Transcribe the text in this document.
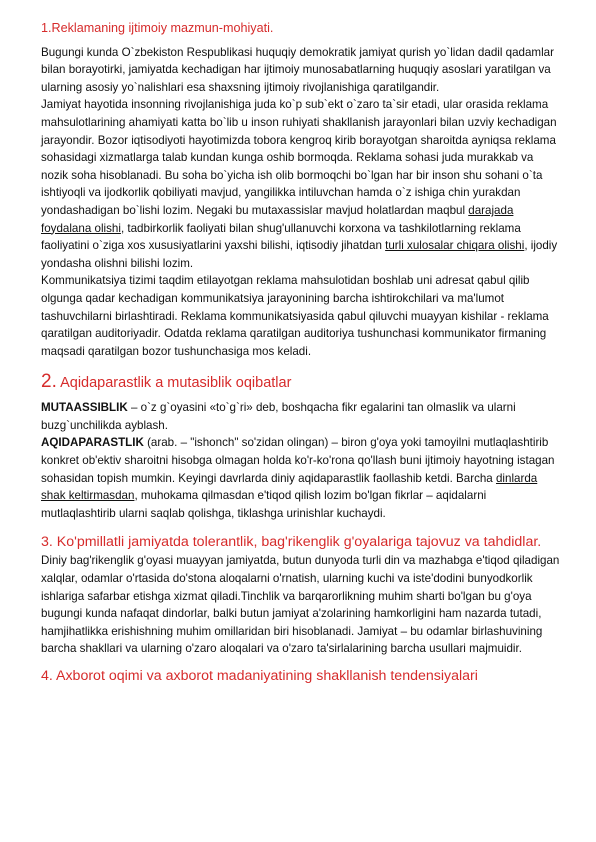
1.Reklamaning ijtimoiy mazmun-mohiyati.

Bugungi kunda O`zbekiston Respublikasi huquqiy demokratik jamiyat qurish yo`lidan dadil qadamlar bilan borayotirki, jamiyatda kechadigan har ijtimoiy munosabatlarning huquqiy asoslari yaratilgan va ularning asosiy yo`nalishlari esa shaxsning ijtimoiy rivojlanishiga qaratilgandir.

Jamiyat hayotida insonning rivojlanishiga juda ko`p sub`ekt o`zaro ta`sir etadi, ular orasida reklama mahsulotlarining ahamiyati katta bo`lib u inson ruhiyati shakllanish jarayonlari bilan uzviy kechadigan jarayondir. Bozor iqtisodiyoti hayotimizda tobora kengroq kirib borayotgan sharoitda ayniqsa reklama sohasidagi xizmatlarga talab kundan kunga oshib bormoqda. Reklama sohasi juda murakkab va nozik soha hisoblanadi. Bu soha bo`yicha ish olib bormoqchi bo`lgan har bir inson shu sohani o`ta ishtiyoqli va ijodkorlik qobiliyati mavjud, yangilikka intiluvchan hamda o`z ishiga chin yurakdan yondashadigan bo`lishi lozim. Negaki bu mutaxassislar mavjud holatlardan maqbul darajada foydalana olishi, tadbirkorlik faoliyati bilan shug'ullanuvchi korxona va tashkilotlarning reklama faoliyatini o`ziga xos xususiyatlarini yaxshi bilishi, iqtisodiy jihatdan turli xulosalar chiqara olishi, ijodiy yondasha olishni bilishi lozim.

Kommunikatsiya tizimi taqdim etilayotgan reklama mahsulotidan boshlab uni adresat qabul qilib olgunga qadar kechadigan kommunikatsiya jarayonining barcha ishtirokchilari va ma'lumot tashuvchilarni birlashtiradi. Reklama kommunikatsiyasida qabul qiluvchi muayyan kishilar - reklama qaratilgan auditoriyadir. Odatda reklama qaratilgan auditoriya tushunchasi kommunikator firmaning maqsadi qaratilgan bozor tushunchasiga mos keladi.

2. Aqidaparastlik a mutasiblik oqibatlar

MUTAASSIBLIK – o`z g`oyasini «to`g`ri» deb, boshqacha fikr egalarini tan olmaslik va ularni buzg`unchilikda ayblash.

AQIDAPARASTLIK (arab. – "ishonch" so'zidan olingan) – biron g'oya yoki tamoyilni mutlaqlashtirib konkret ob'ektiv sharoitni hisobga olmagan holda ko'r-ko'rona qo'llash buni ijtimoiy hayotning istagan sohasidan topish mumkin. Keyingi davrlarda diniy aqidaparastlik faollashib ketdi. Barcha dinlarda shak keltirmasdan, muhokama qilmasdan e'tiqod qilish lozim bo'lgan fikrlar – aqidalarni mutlaqlashtirib ularni saqlab qolishga, tiklashga urinishlar kuchaydi.

3. Ko'pmillatli jamiyatda tolerantlik, bag'rikenglik g'oyalariga tajovuz va tahdidlar. Diniy bag'rikenglik g'oyasi muayyan jamiyatda, butun dunyoda turli din va mazhabga e'tiqod qiladigan xalqlar, odamlar o'rtasida do'stona aloqalarni o'rnatish, ularning kuchi va iste'dodini bunyodkorlik ishlariga safarbar etishga xizmat qiladi.Tinchlik va barqarorlikning muhim sharti bo'lgan bu g'oya bugungi kunda nafaqat dindorlar, balki butun jamiyat a'zolarining hamkorligini ham nazarda tutadi, hamjihatlikka erishishning muhim omillaridan biri hisoblanadi. Jamiyat – bu odamlar birlashuvining barcha shakllari va ularning o'zaro aloqalari va o'zaro ta'sirlalarining barcha usullari majmuidir.

4. Axborot oqimi va axborot madaniyatining shakllanish tendensiyalari
